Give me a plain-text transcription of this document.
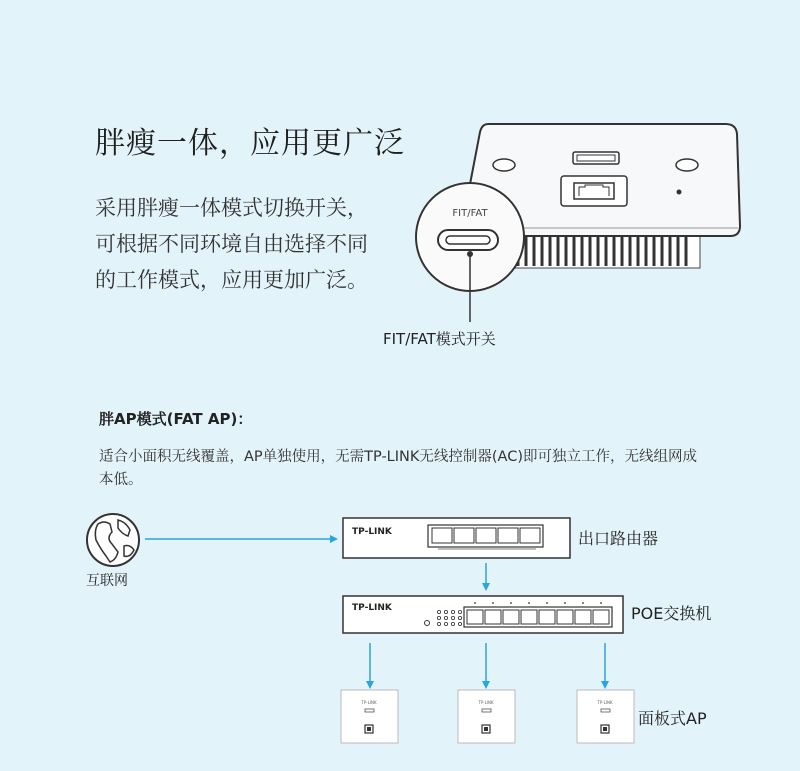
FIT/FAT
TP-LINK
TP-LINK
TP-LINK	TP-LINK	TP-LINK
胖瘦一体，应用更广泛
采用胖瘦一体模式切换开关，可根据不同环境自由选择不同的工作模式，应用更加广泛。
FIT/FAT模式开关
胖AP模式(FAT AP)：
适合小面积无线覆盖，AP单独使用，无需TP-LINK无线控制器(AC)即可独立工作，无线组网成本低。
互联网
出口路由器
POE交换机
面板式AP
